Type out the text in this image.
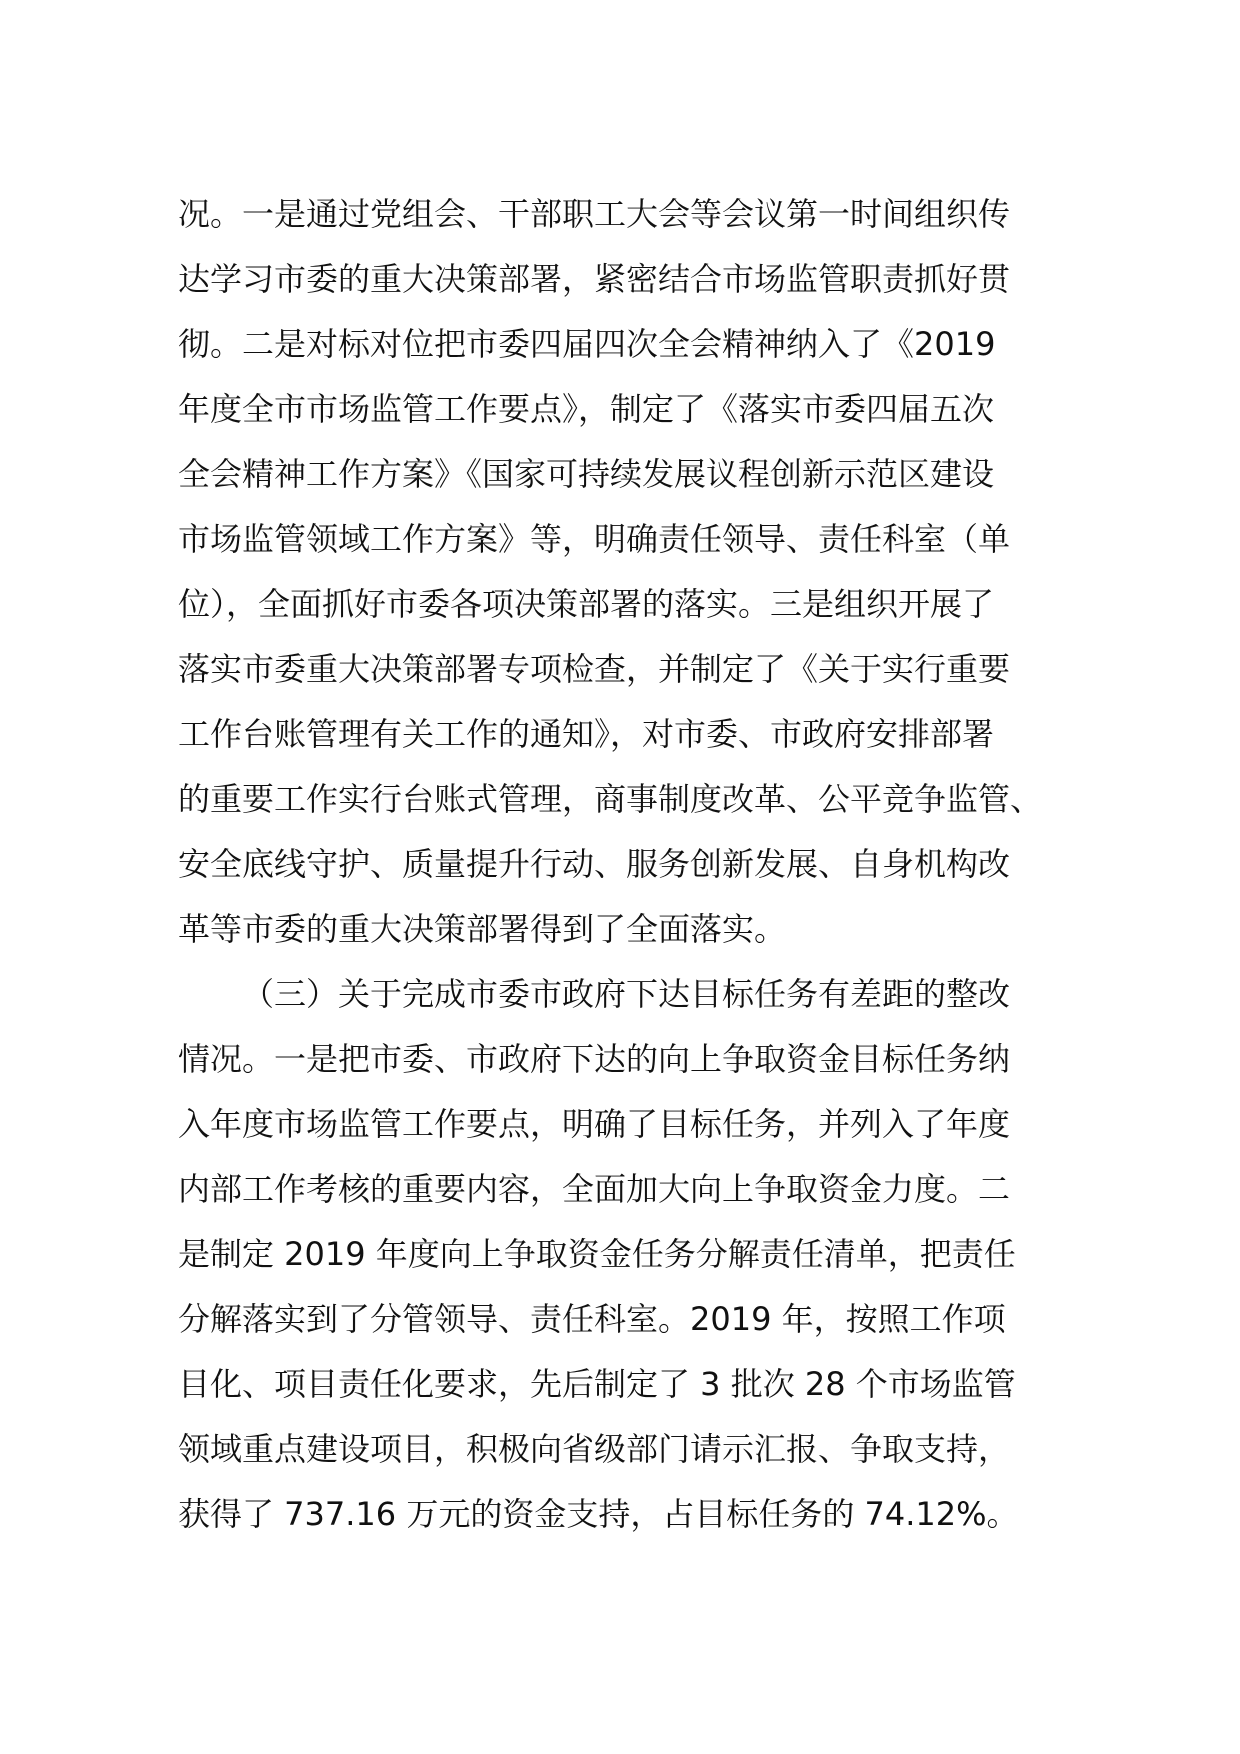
况。一是通过党组会、干部职工大会等会议第一时间组织传
达学习市委的重大决策部署，紧密结合市场监管职责抓好贯
彻。二是对标对位把市委四届四次全会精神纳入了《2019
年度全市市场监管工作要点》，制定了《落实市委四届五次
全会精神工作方案》《国家可持续发展议程创新示范区建设
市场监管领域工作方案》等，明确责任领导、责任科室（单
位），全面抓好市委各项决策部署的落实。三是组织开展了
落实市委重大决策部署专项检查，并制定了《关于实行重要
工作台账管理有关工作的通知》，对市委、市政府安排部署
的重要工作实行台账式管理，商事制度改革、公平竞争监管、
安全底线守护、质量提升行动、服务创新发展、自身机构改
革等市委的重大决策部署得到了全面落实。
（三）关于完成市委市政府下达目标任务有差距的整改
情况。一是把市委、市政府下达的向上争取资金目标任务纳
入年度市场监管工作要点，明确了目标任务，并列入了年度
内部工作考核的重要内容，全面加大向上争取资金力度。二
是制定 2019 年度向上争取资金任务分解责任清单，把责任
分解落实到了分管领导、责任科室。2019 年，按照工作项
目化、项目责任化要求，先后制定了 3 批次 28 个市场监管
领域重点建设项目，积极向省级部门请示汇报、争取支持，
获得了 737.16 万元的资金支持，占目标任务的 74.12%。
